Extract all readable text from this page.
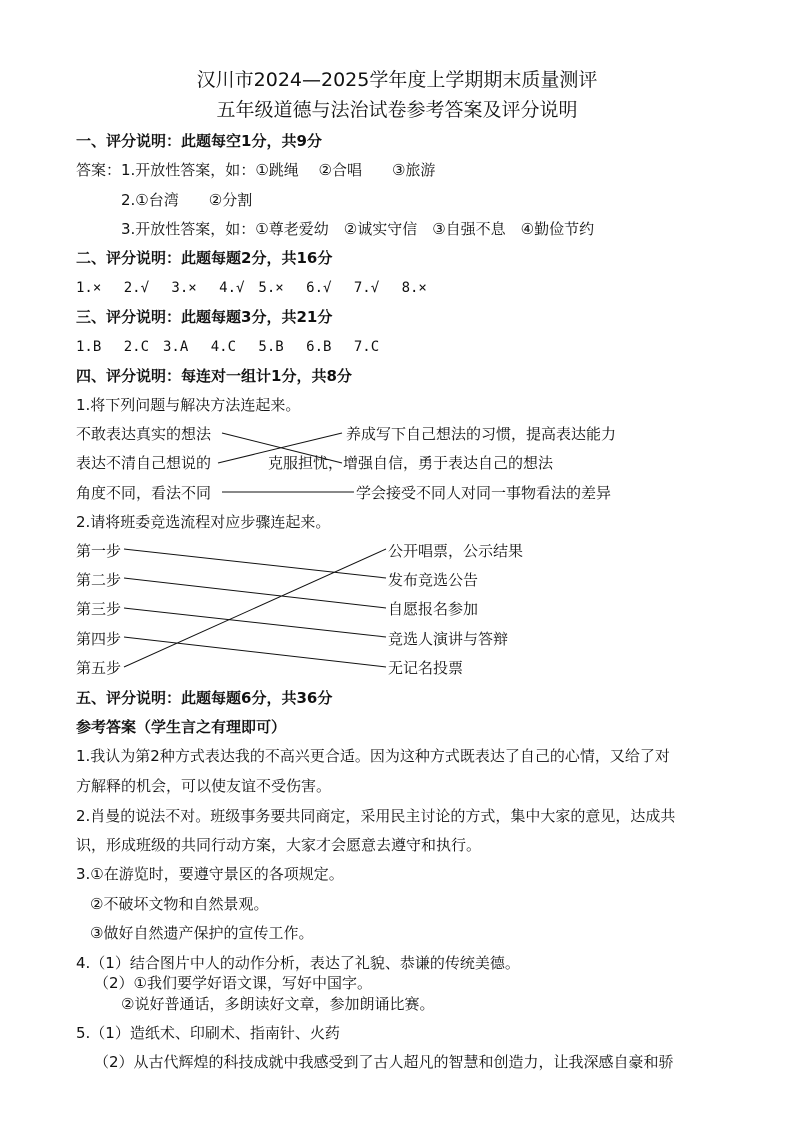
汉川市2024—2025学年度上学期期末质量测评
五年级道德与法治试卷参考答案及评分说明
一、评分说明：此题每空1分，共9分
答案：1.开放性答案，如：①跳绳　 ②合唱　　③旅游
2.①台湾　　②分割
3.开放性答案，如：①尊老爱幼　②诚实守信　③自强不息　④勤俭节约
二、评分说明：此题每题2分，共16分
1.×　 2.√　 3.×　 4.√　5.×　 6.√　 7.√　 8.×
三、评分说明：此题每题3分，共21分
1.B　 2.C　3.A　 4.C　 5.B　 6.B　 7.C
四、评分说明：每连对一组计1分，共8分
1.将下列问题与解决方法连起来。
不敢表达真实的想法
表达不清自己想说的
角度不同，看法不同
养成写下自己想法的习惯，提高表达能力
克服担忧，增强自信，勇于表达自己的想法
学会接受不同人对同一事物看法的差异
2.请将班委竞选流程对应步骤连起来。
第一步
第二步
第三步
第四步
第五步
公开唱票，公示结果
发布竞选公告
自愿报名参加
竞选人演讲与答辩
无记名投票
五、评分说明：此题每题6分，共36分
参考答案（学生言之有理即可）
1.我认为第2种方式表达我的不高兴更合适。因为这种方式既表达了自己的心情，又给了对
方解释的机会，可以使友谊不受伤害。
2.肖曼的说法不对。班级事务要共同商定，采用民主讨论的方式，集中大家的意见，达成共
识，形成班级的共同行动方案，大家才会愿意去遵守和执行。
3.①在游览时，要遵守景区的各项规定。
②不破坏文物和自然景观。
③做好自然遗产保护的宣传工作。
4.（1）结合图片中人的动作分析，表达了礼貌、恭谦的传统美德。
（2）①我们要学好语文课，写好中国字。
②说好普通话，多朗读好文章，参加朗诵比赛。
5.（1）造纸术、印刷术、指南针、火药
（2）从古代辉煌的科技成就中我感受到了古人超凡的智慧和创造力，让我深感自豪和骄
